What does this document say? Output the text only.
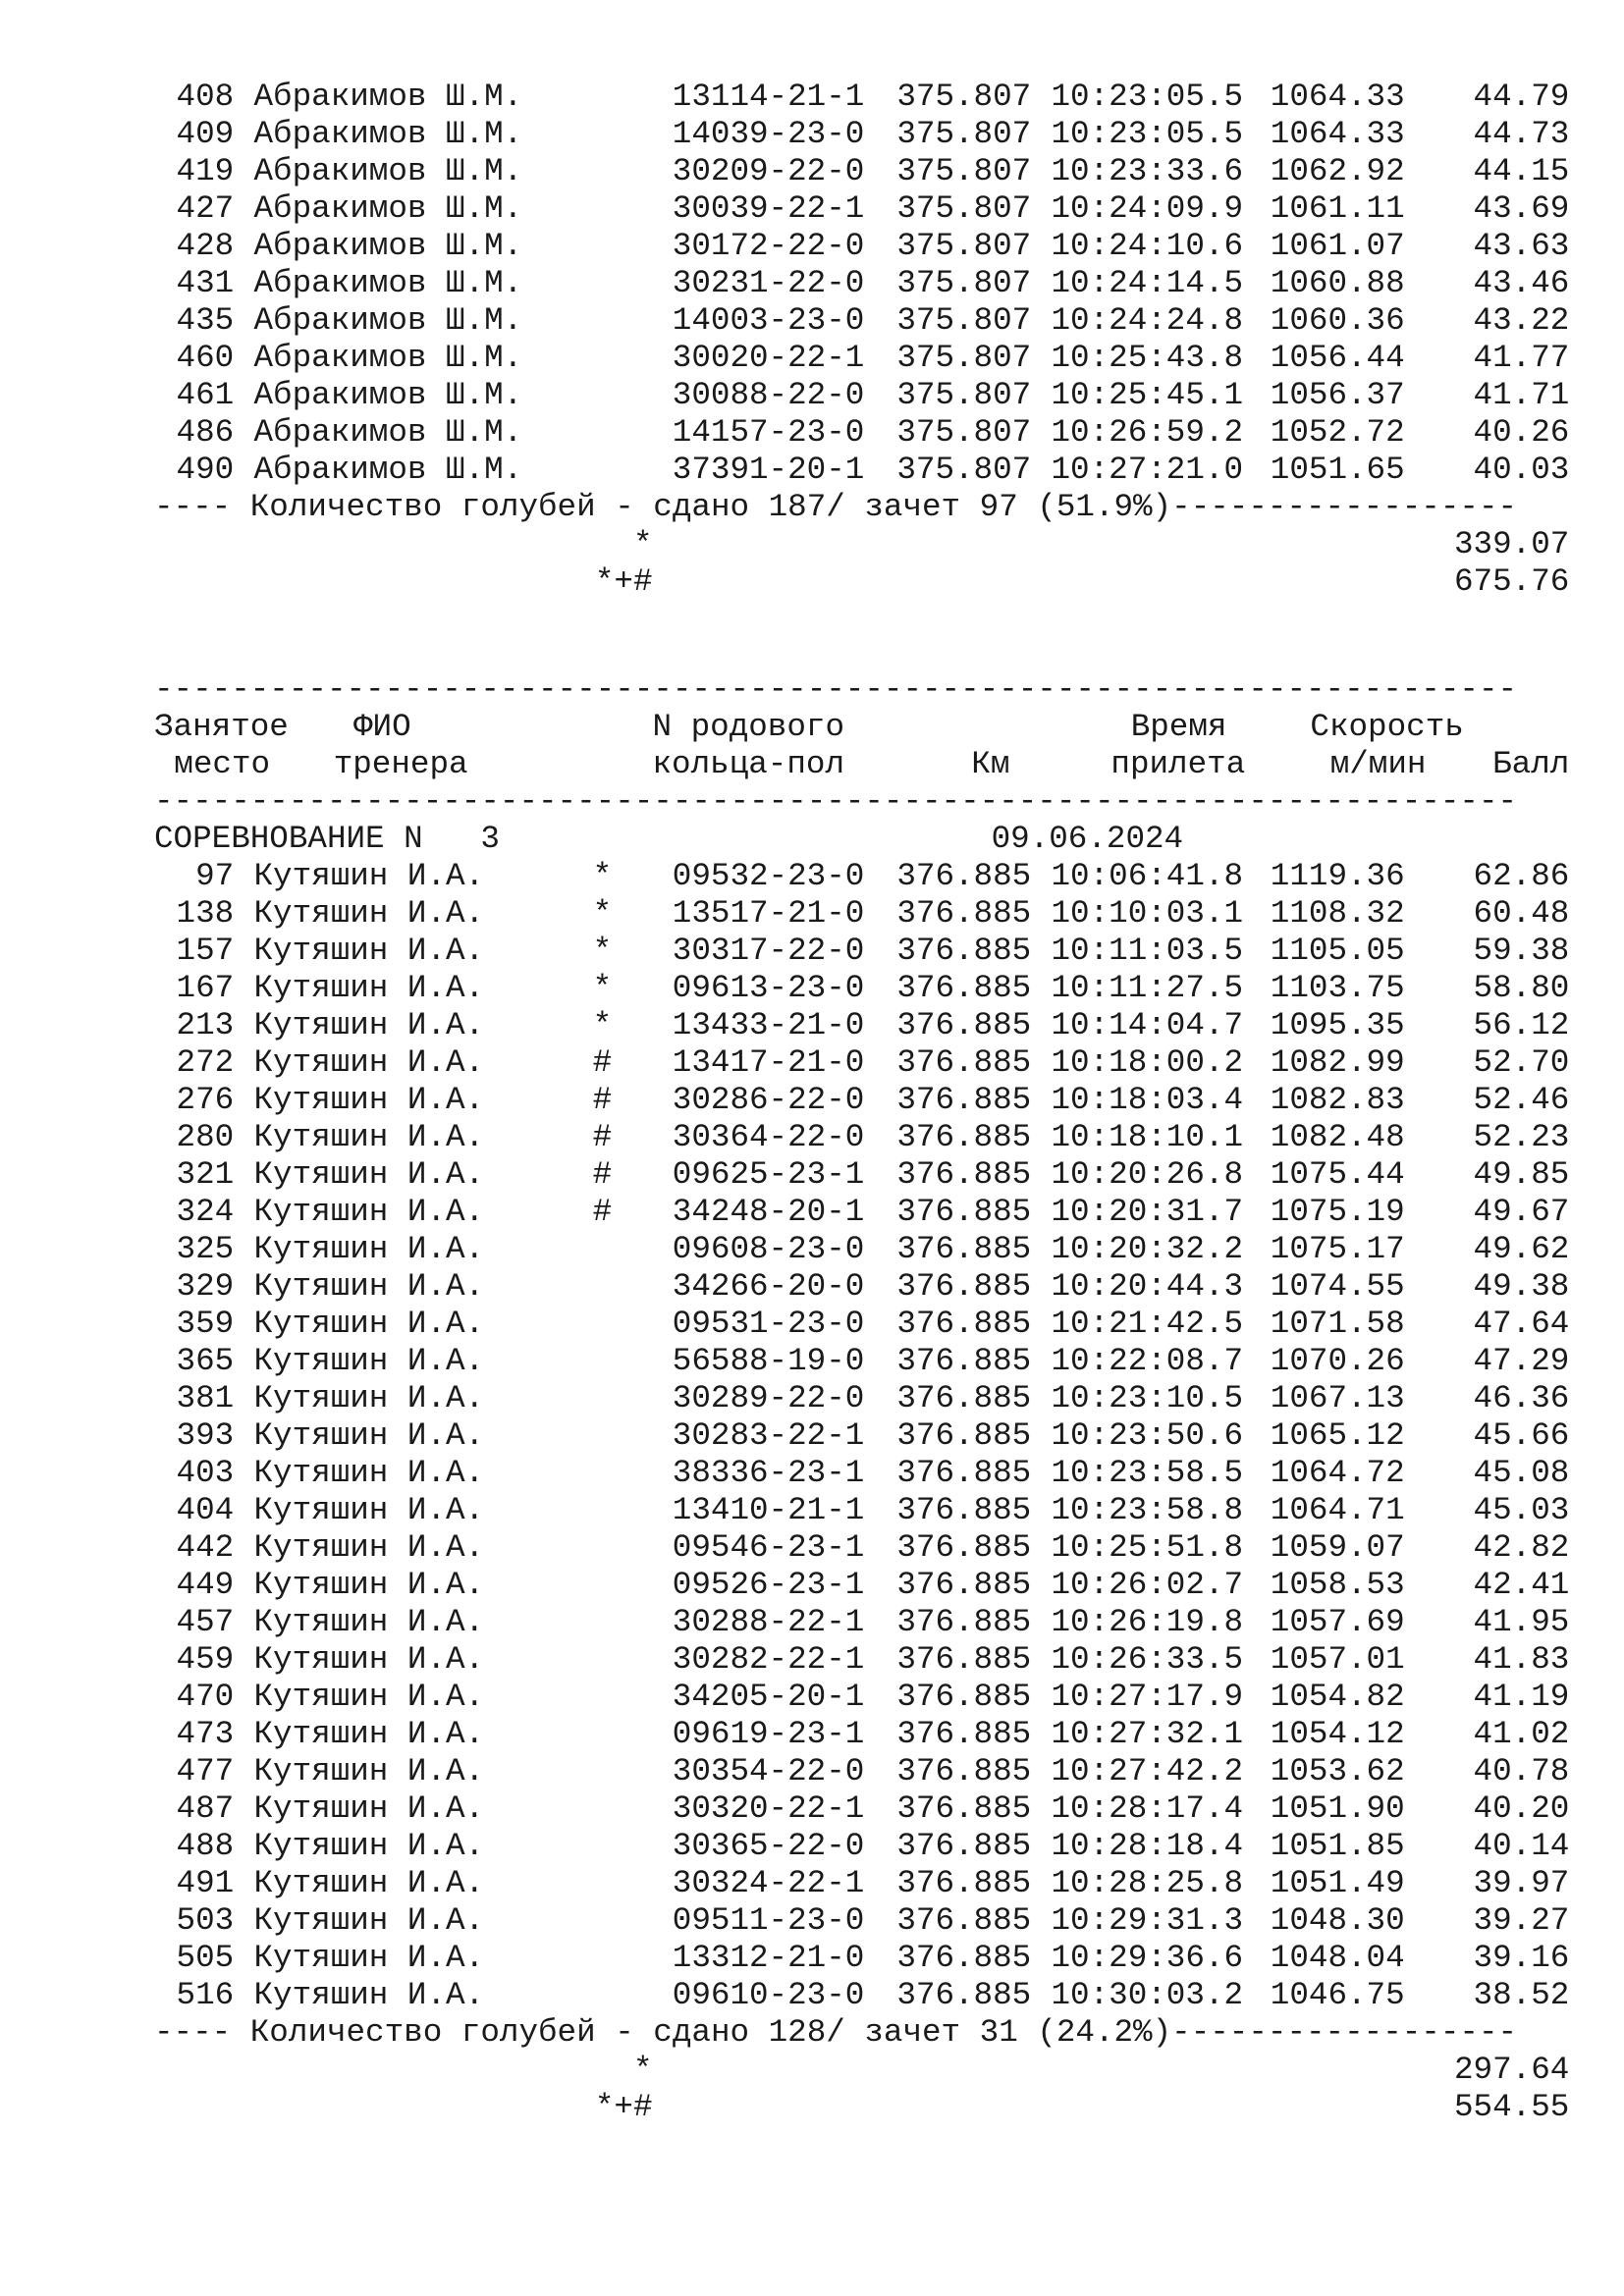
408 Абракимов Ш.М.	13114-21-1 375.807 10:23:05.5 1064.33 44.79
409 Абракимов Ш.М.	14039-23-0 375.807 10:23:05.5 1064.33 44.73
419 Абракимов Ш.М.	30209-22-0 375.807 10:23:33.6 1062.92 44.15
427 Абракимов Ш.М.	30039-22-1 375.807 10:24:09.9 1061.11 43.69
428 Абракимов Ш.М.	30172-22-0 375.807 10:24:10.6 1061.07 43.63
431 Абракимов Ш.М.	30231-22-0 375.807 10:24:14.5 1060.88 43.46
435 Абракимов Ш.М.	14003-23-0 375.807 10:24:24.8 1060.36 43.22
460 Абракимов Ш.М.	30020-22-1 375.807 10:25:43.8 1056.44 41.77
461 Абракимов Ш.М.	30088-22-0 375.807 10:25:45.1 1056.37 41.71
486 Абракимов Ш.М.	14157-23-0 375.807 10:26:59.2 1052.72 40.26
490 Абракимов Ш.М.	37391-20-1 375.807 10:27:21.0 1051.65 40.03
---- Количество голубей - сдано 187/ зачет 97 (51.9%)------------------
*	339.07
*+#	675.76
-----------------------------------------------------------------------
Занятое ФИО	N родового	Время	Скорость
место тренера	кольца-пол	Км	прилета	м/мин Балл
-----------------------------------------------------------------------
СОРЕВНОВАНИЕ N   3	09.06.2024
97 Кутяшин И.А.	* 09532-23-0 376.885 10:06:41.8 1119.36 62.86
138 Кутяшин И.А.	* 13517-21-0 376.885 10:10:03.1 1108.32 60.48
157 Кутяшин И.А.	* 30317-22-0 376.885 10:11:03.5 1105.05 59.38
167 Кутяшин И.А.	* 09613-23-0 376.885 10:11:27.5 1103.75 58.80
213 Кутяшин И.А.	* 13433-21-0 376.885 10:14:04.7 1095.35 56.12
272 Кутяшин И.А.	# 13417-21-0 376.885 10:18:00.2 1082.99 52.70
276 Кутяшин И.А.	# 30286-22-0 376.885 10:18:03.4 1082.83 52.46
280 Кутяшин И.А.	# 30364-22-0 376.885 10:18:10.1 1082.48 52.23
321 Кутяшин И.А.	# 09625-23-1 376.885 10:20:26.8 1075.44 49.85
324 Кутяшин И.А.	# 34248-20-1 376.885 10:20:31.7 1075.19 49.67
325 Кутяшин И.А.	09608-23-0 376.885 10:20:32.2 1075.17 49.62
329 Кутяшин И.А.	34266-20-0 376.885 10:20:44.3 1074.55 49.38
359 Кутяшин И.А.	09531-23-0 376.885 10:21:42.5 1071.58 47.64
365 Кутяшин И.А.	56588-19-0 376.885 10:22:08.7 1070.26 47.29
381 Кутяшин И.А.	30289-22-0 376.885 10:23:10.5 1067.13 46.36
393 Кутяшин И.А.	30283-22-1 376.885 10:23:50.6 1065.12 45.66
403 Кутяшин И.А.	38336-23-1 376.885 10:23:58.5 1064.72 45.08
404 Кутяшин И.А.	13410-21-1 376.885 10:23:58.8 1064.71 45.03
442 Кутяшин И.А.	09546-23-1 376.885 10:25:51.8 1059.07 42.82
449 Кутяшин И.А.	09526-23-1 376.885 10:26:02.7 1058.53 42.41
457 Кутяшин И.А.	30288-22-1 376.885 10:26:19.8 1057.69 41.95
459 Кутяшин И.А.	30282-22-1 376.885 10:26:33.5 1057.01 41.83
470 Кутяшин И.А.	34205-20-1 376.885 10:27:17.9 1054.82 41.19
473 Кутяшин И.А.	09619-23-1 376.885 10:27:32.1 1054.12 41.02
477 Кутяшин И.А.	30354-22-0 376.885 10:27:42.2 1053.62 40.78
487 Кутяшин И.А.	30320-22-1 376.885 10:28:17.4 1051.90 40.20
488 Кутяшин И.А.	30365-22-0 376.885 10:28:18.4 1051.85 40.14
491 Кутяшин И.А.	30324-22-1 376.885 10:28:25.8 1051.49 39.97
503 Кутяшин И.А.	09511-23-0 376.885 10:29:31.3 1048.30 39.27
505 Кутяшин И.А.	13312-21-0 376.885 10:29:36.6 1048.04 39.16
516 Кутяшин И.А.	09610-23-0 376.885 10:30:03.2 1046.75 38.52
---- Количество голубей - сдано 128/ зачет 31 (24.2%)------------------
*	297.64
*+#	554.55
